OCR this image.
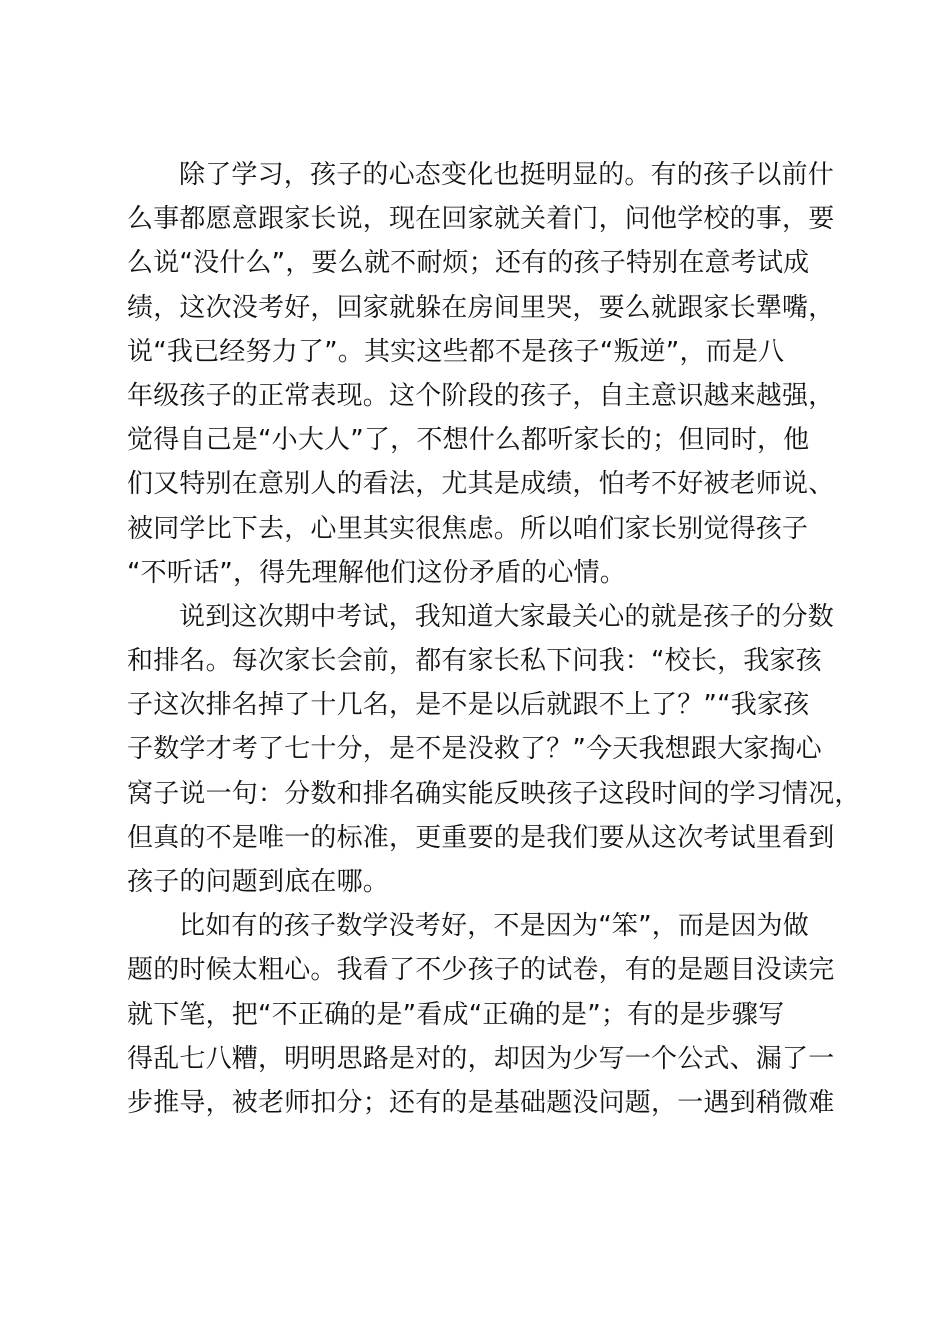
除了学习，孩子的心态变化也挺明显的。有的孩子以前什
么事都愿意跟家长说，现在回家就关着门，问他学校的事，要
么说“没什么”，要么就不耐烦；还有的孩子特别在意考试成
绩，这次没考好，回家就躲在房间里哭，要么就跟家长犟嘴，
说“我已经努力了”。其实这些都不是孩子“叛逆”，而是八
年级孩子的正常表现。这个阶段的孩子，自主意识越来越强，
觉得自己是“小大人”了，不想什么都听家长的；但同时，他
们又特别在意别人的看法，尤其是成绩，怕考不好被老师说、
被同学比下去，心里其实很焦虑。所以咱们家长别觉得孩子
“不听话”，得先理解他们这份矛盾的心情。
说到这次期中考试，我知道大家最关心的就是孩子的分数
和排名。每次家长会前，都有家长私下问我：“校长，我家孩
子这次排名掉了十几名，是不是以后就跟不上了？”“我家孩
子数学才考了七十分，是不是没救了？”今天我想跟大家掏心
窝子说一句：分数和排名确实能反映孩子这段时间的学习情况，
但真的不是唯一的标准，更重要的是我们要从这次考试里看到
孩子的问题到底在哪。
比如有的孩子数学没考好，不是因为“笨”，而是因为做
题的时候太粗心。我看了不少孩子的试卷，有的是题目没读完
就下笔，把“不正确的是”看成“正确的是”；有的是步骤写
得乱七八糟，明明思路是对的，却因为少写一个公式、漏了一
步推导，被老师扣分；还有的是基础题没问题，一遇到稍微难
